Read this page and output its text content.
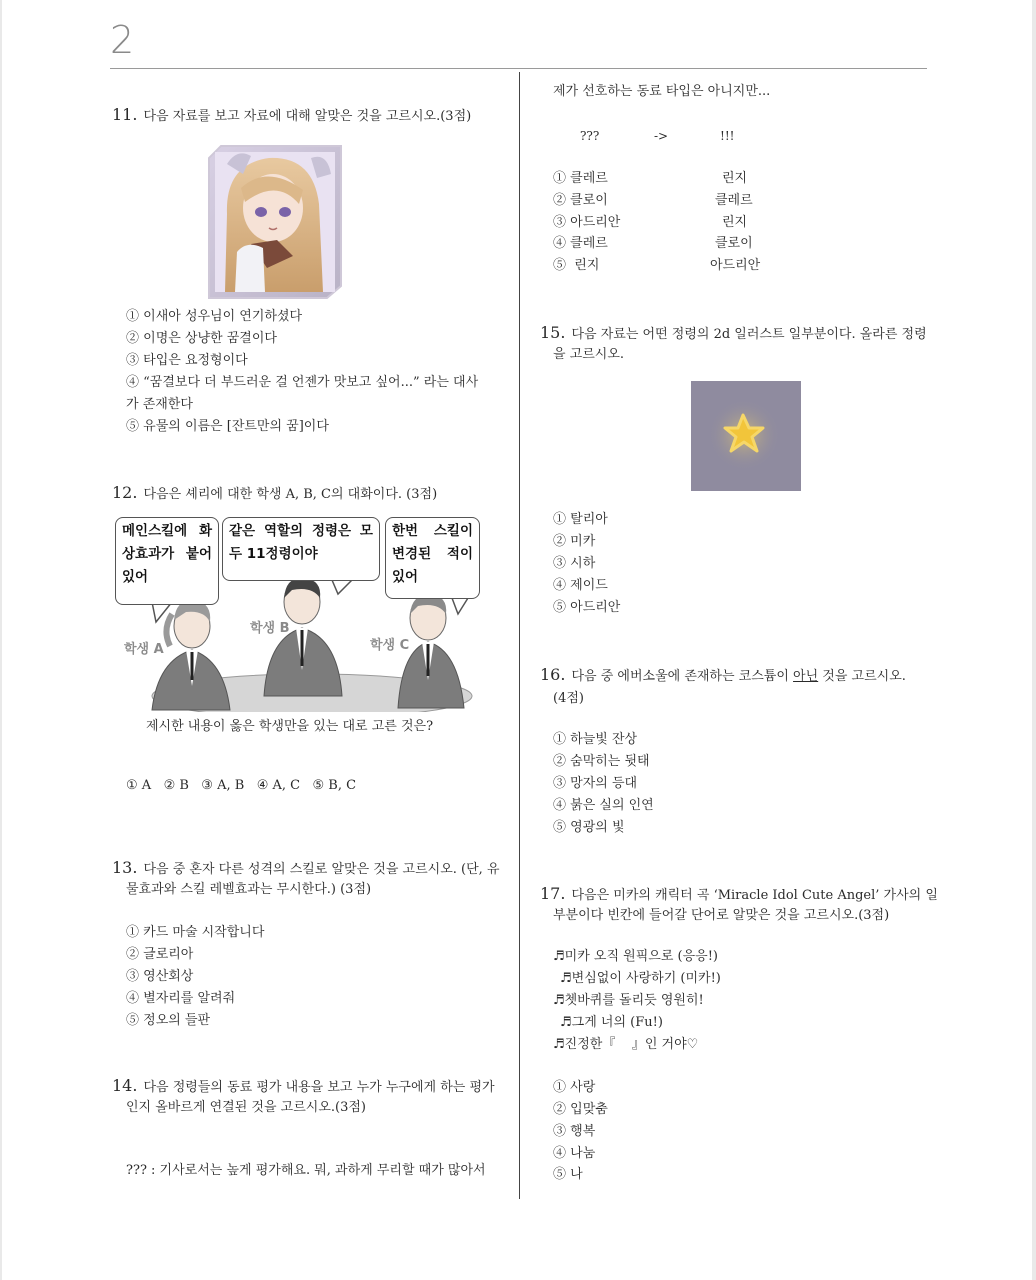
2
11. 다음 자료를 보고 자료에 대해 알맞은 것을 고르시오.(3점)
① 이새아 성우님이 연기하셨다
② 이명은 상냥한 꿈결이다
③ 타입은 요정형이다
④ “꿈결보다 더 부드러운 걸 언젠가 맛보고 싶어...” 라는 대사
가 존재한다
⑤ 유물의 이름은 [잔트만의 꿈]이다
12. 다음은 셰리에 대한 학생 A, B, C의 대화이다. (3점)
메인스킬에 화
상효과가 붙어
있어
같은 역할의 정령은 모
두 11정령이야
한번 스킬이
변경된 적이
있어
학생 A
학생 B
학생 C
제시한 내용이 옳은 학생만을 있는 대로 고른 것은?
① A   ② B   ③ A, B   ④ A, C   ⑤ B, C
13. 다음 중 혼자 다른 성격의 스킬로 알맞은 것을 고르시오. (단, 유
물효과와 스킬 레벨효과는 무시한다.) (3점)
① 카드 마술 시작합니다
② 글로리아
③ 영산회상
④ 별자리를 알려줘
⑤ 정오의 들판
14. 다음 정령들의 동료 평가 내용을 보고 누가 누구에게 하는 평가
인지 올바르게 연결된 것을 고르시오.(3점)
??? : 기사로서는 높게 평가해요. 뭐, 과하게 무리할 때가 많아서
제가 선호하는 동료 타입은 아니지만...
???	->	!!!
① 클레르	린지
② 클로이	클레르
③ 아드리안	린지
④ 클레르	클로이
⑤  린지	아드리안
15. 다음 자료는 어떤 정령의 2d 일러스트 일부분이다. 올라른 정령
을 고르시오.
① 탈리아
② 미카
③ 시하
④ 제이드
⑤ 아드리안
16. 다음 중 에버소울에 존재하는 코스튬이 아닌 것을 고르시오.
(4점)
① 하늘빛 잔상
② 숨막히는 뒷태
③ 망자의 등대
④ 붉은 실의 인연
⑤ 영광의 빛
17. 다음은 미카의 캐릭터 곡 ‘Miracle Idol Cute Angel’ 가사의 일
부분이다 빈칸에 들어갈 단어로 알맞은 것을 고르시오.(3점)
♬미카 오직 원픽으로 (응응!)
♬변심없이 사랑하기 (미카!)
♬쳇바퀴를 돌리듯 영원히!
♬그게 너의 (Fu!)
♬진정한『    』인 거야♡
① 사랑
② 입맞춤
③ 행복
④ 나눔
⑤ 나
